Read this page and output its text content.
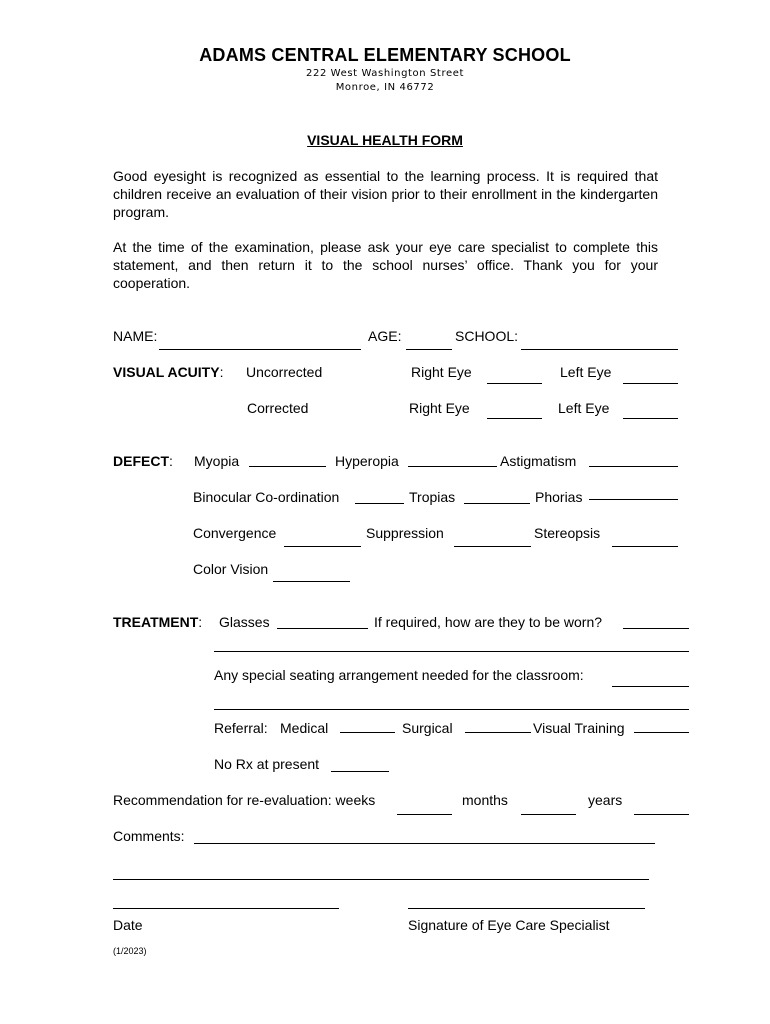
ADAMS CENTRAL ELEMENTARY SCHOOL
222 West Washington Street
Monroe, IN 46772
VISUAL HEALTH FORM
Good eyesight is recognized as essential to the learning process. It is required that children receive an evaluation of their vision prior to their enrollment in the kindergarten program.
At the time of the examination, please ask your eye care specialist to complete this statement, and then return it to the school nurses’ office. Thank you for your cooperation.
NAME:	AGE:	SCHOOL:
VISUAL ACUITY: Uncorrected	Right Eye	Left Eye
Corrected	Right Eye	Left Eye
DEFECT: Myopia	Hyperopia	Astigmatism
Binocular Co-ordination	Tropias	Phorias
Convergence	Suppression	Stereopsis
Color Vision
TREATMENT: Glasses	If required, how are they to be worn?
Any special seating arrangement needed for the classroom:
Referral: Medical	Surgical	Visual Training
No Rx at present
Recommendation for re-evaluation: weeks	months	years
Comments:
Date	Signature of Eye Care Specialist
(1/2023)
